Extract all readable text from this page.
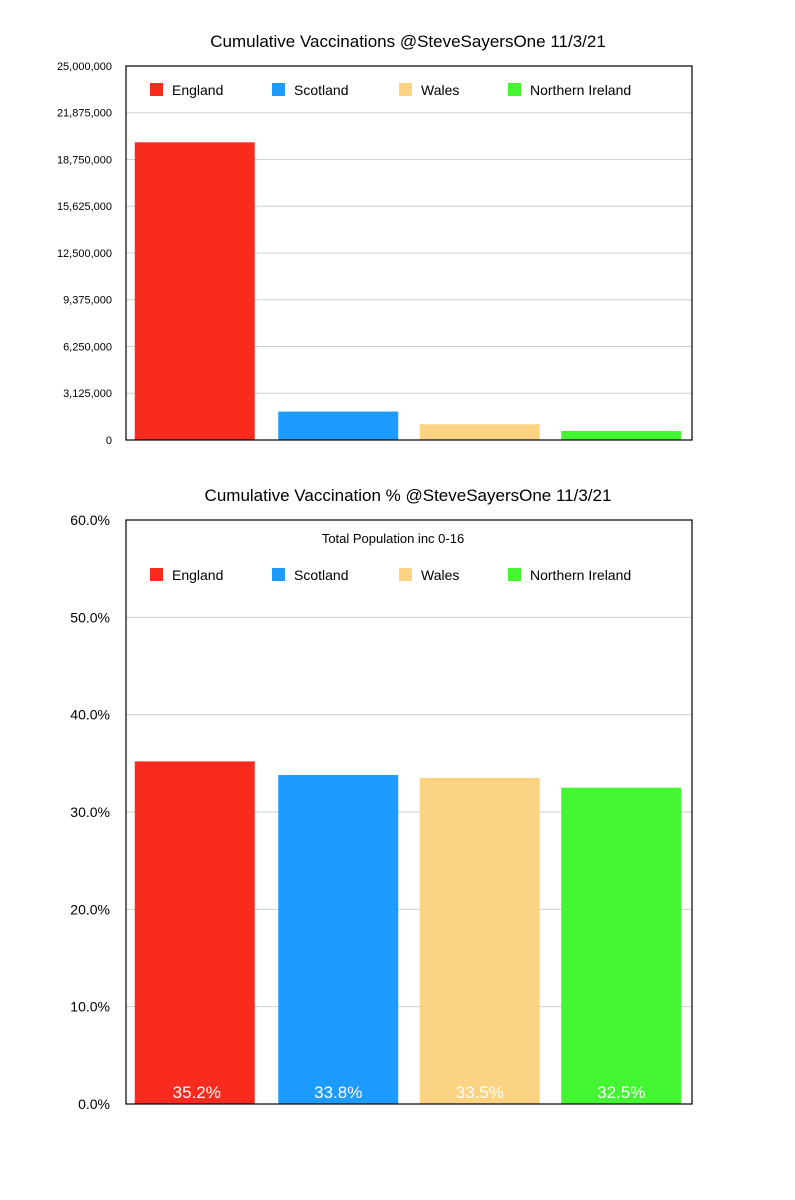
Cumulative Vaccinations @SteveSayersOne 11/3/21
0
3,125,000
6,250,000
9,375,000
12,500,000
15,625,000
18,750,000
21,875,000
25,000,000
England	Scotland	Wales	Northern Ireland
Cumulative Vaccination % @SteveSayersOne 11/3/21
0.0%
10.0%
20.0%
30.0%
40.0%
50.0%
60.0%
35.2%	33.8%	33.5%	32.5%
Total Population inc 0-16
England	Scotland	Wales	Northern Ireland
